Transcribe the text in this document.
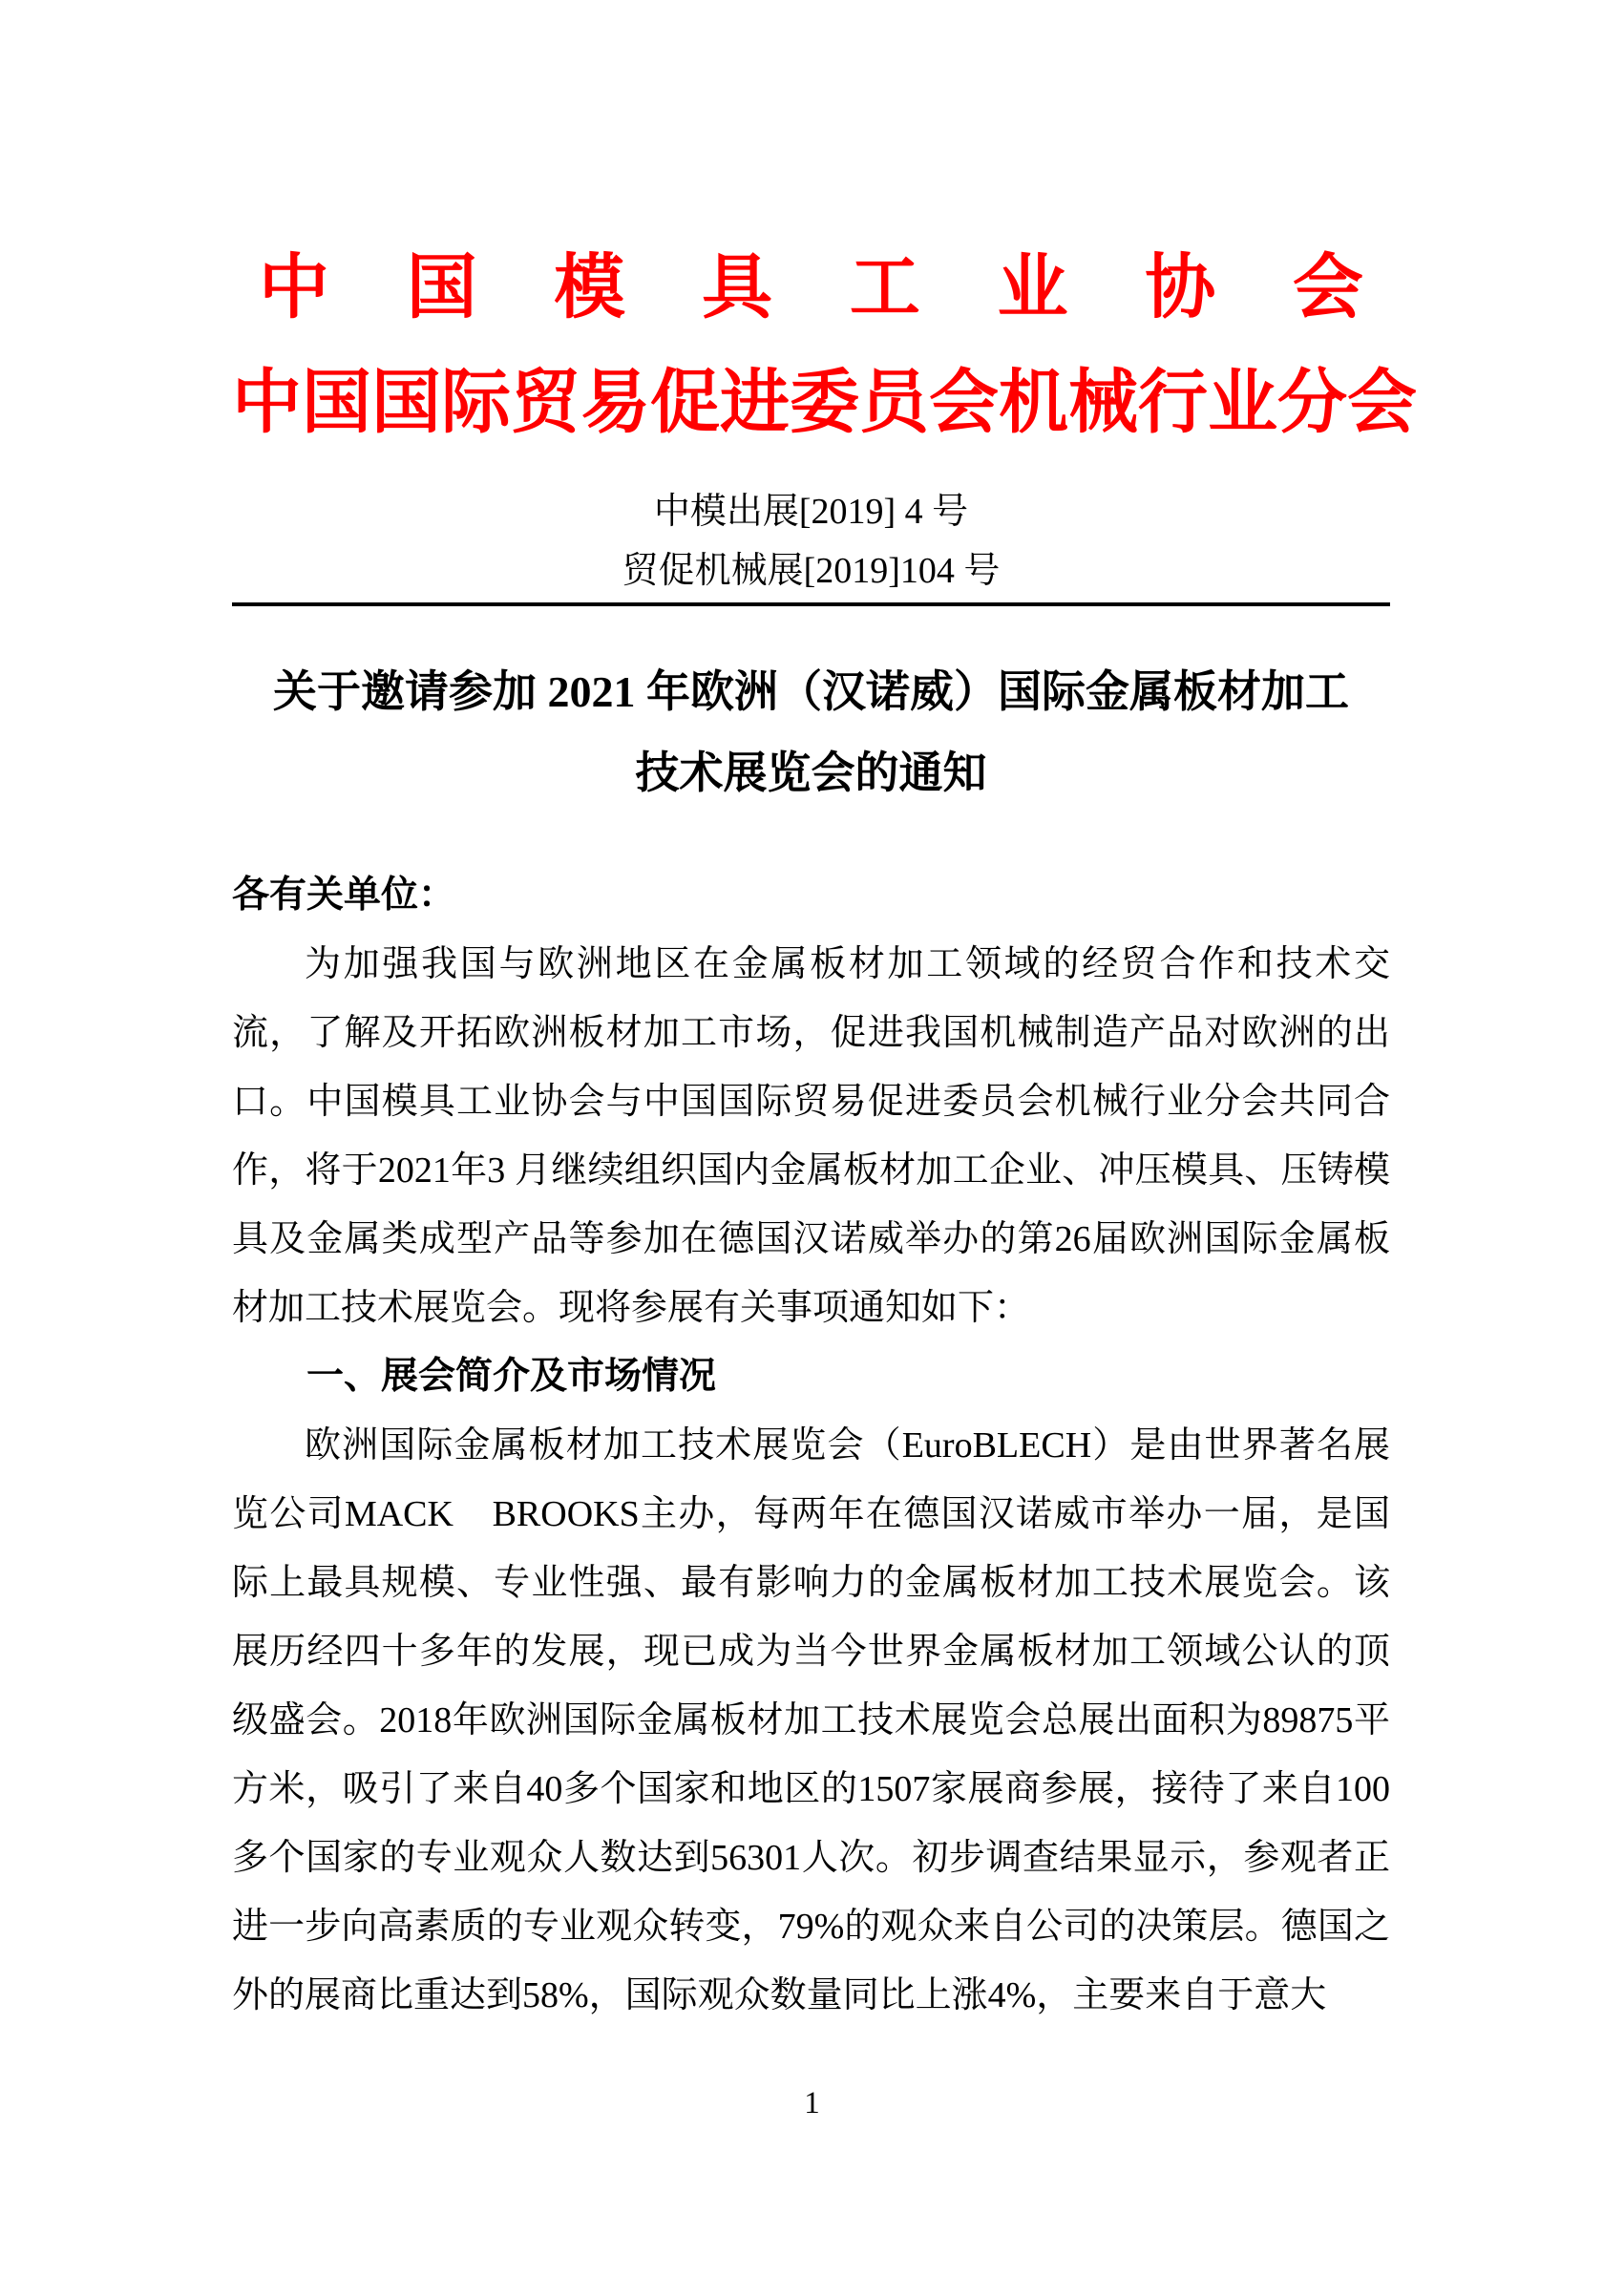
中 国 模 具 工 业 协 会
中国国际贸易促进委员会机械行业分会
中模出展[2019] 4 号
贸促机械展[2019]104 号
关于邀请参加 2021 年欧洲（汉诺威）国际金属板材加工
技术展览会的通知
各有关单位：

为加强我国与欧洲地区在金属板材加工领域的经贸合作和技术交流，了解及开拓欧洲板材加工市场，促进我国机械制造产品对欧洲的出口。中国模具工业协会与中国国际贸易促进委员会机械行业分会共同合作，将于2021年3 月继续组织国内金属板材加工企业、冲压模具、压铸模具及金属类成型产品等参加在德国汉诺威举办的第26届欧洲国际金属板材加工技术展览会。现将参展有关事项通知如下：

一、展会简介及市场情况

欧洲国际金属板材加工技术展览会（EuroBLECH）是由世界著名展览公司MACK　BROOKS主办，每两年在德国汉诺威市举办一届，是国际上最具规模、专业性强、最有影响力的金属板材加工技术展览会。该展历经四十多年的发展，现已成为当今世界金属板材加工领域公认的顶级盛会。2018年欧洲国际金属板材加工技术展览会总展出面积为89875平方米，吸引了来自40多个国家和地区的1507家展商参展，接待了来自100多个国家的专业观众人数达到56301人次。初步调查结果显示，参观者正进一步向高素质的专业观众转变，79%的观众来自公司的决策层。德国之外的展商比重达到58%，国际观众数量同比上涨4%，主要来自于意大

1
